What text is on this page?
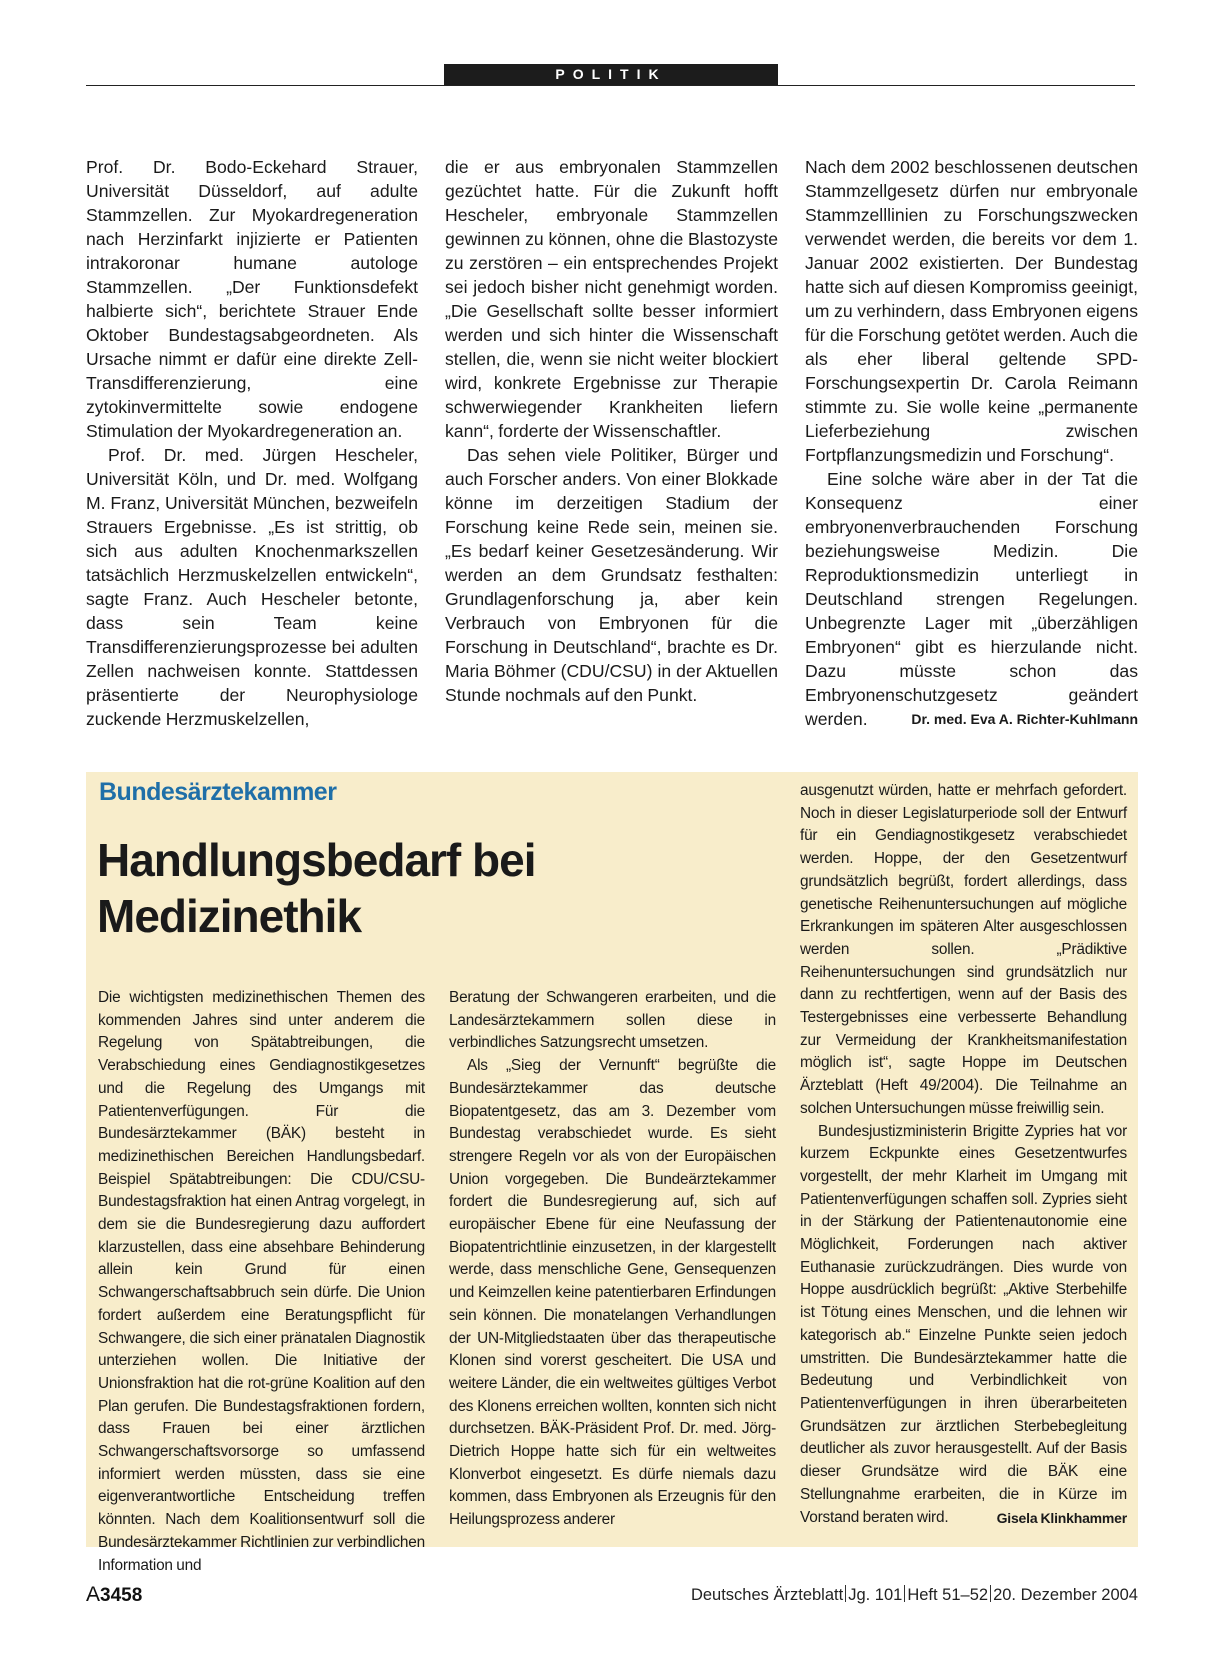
POLITIK

Prof. Dr. Bodo-Eckehard Strauer, Universität Düsseldorf, auf adulte Stammzellen. Zur Myokardregeneration nach Herzinfarkt injizierte er Patienten intrakoronar humane autologe Stammzellen. „Der Funktionsdefekt halbierte sich“, berichtete Strauer Ende Oktober Bundestagsabgeordneten. Als Ursache nimmt er dafür eine direkte Zell-Transdifferenzierung, eine zytokinvermittelte sowie endogene Stimulation der Myokardregeneration an.

Prof. Dr. med. Jürgen Hescheler, Universität Köln, und Dr. med. Wolfgang M. Franz, Universität München, bezweifeln Strauers Ergebnisse. „Es ist strittig, ob sich aus adulten Knochenmarkszellen tatsächlich Herzmuskelzellen entwickeln“, sagte Franz. Auch Hescheler betonte, dass sein Team keine Transdifferenzierungsprozesse bei adulten Zellen nachweisen konnte. Stattdessen präsentierte der Neurophysiologe zuckende Herzmuskelzellen,

die er aus embryonalen Stammzellen gezüchtet hatte. Für die Zukunft hofft Hescheler, embryonale Stammzellen gewinnen zu können, ohne die Blastozyste zu zerstören – ein entsprechendes Projekt sei jedoch bisher nicht genehmigt worden. „Die Gesellschaft sollte besser informiert werden und sich hinter die Wissenschaft stellen, die, wenn sie nicht weiter blockiert wird, konkrete Ergebnisse zur Therapie schwerwiegender Krankheiten liefern kann“, forderte der Wissenschaftler.

Das sehen viele Politiker, Bürger und auch Forscher anders. Von einer Blokkade könne im derzeitigen Stadium der Forschung keine Rede sein, meinen sie. „Es bedarf keiner Gesetzesänderung. Wir werden an dem Grundsatz festhalten: Grundlagenforschung ja, aber kein Verbrauch von Embryonen für die Forschung in Deutschland“, brachte es Dr. Maria Böhmer (CDU/CSU) in der Aktuellen Stunde nochmals auf den Punkt.

Nach dem 2002 beschlossenen deutschen Stammzellgesetz dürfen nur embryonale Stammzelllinien zu Forschungszwecken verwendet werden, die bereits vor dem 1. Januar 2002 existierten. Der Bundestag hatte sich auf diesen Kompromiss geeinigt, um zu verhindern, dass Embryonen eigens für die Forschung getötet werden. Auch die als eher liberal geltende SPD-Forschungsexpertin Dr. Carola Reimann stimmte zu. Sie wolle keine „permanente Lieferbeziehung zwischen Fortpflanzungsmedizin und Forschung“.

Eine solche wäre aber in der Tat die Konsequenz einer embryonenverbrauchenden Forschung beziehungsweise Medizin. Die Reproduktionsmedizin unterliegt in Deutschland strengen Regelungen. Unbegrenzte Lager mit „überzähligen Embryonen“ gibt es hierzulande nicht. Dazu müsste schon das Embryonenschutzgesetz geändert werden.	Dr. med. Eva A. Richter-Kuhlmann

Bundesärztekammer
Handlungsbedarf bei Medizinethik

Die wichtigsten medizinethischen Themen des kommenden Jahres sind unter anderem die Regelung von Spätabtreibungen, die Verabschiedung eines Gendiagnostikgesetzes und die Regelung des Umgangs mit Patientenverfügungen. Für die Bundesärztekammer (BÄK) besteht in medizinethischen Bereichen Handlungsbedarf. Beispiel Spätabtreibungen: Die CDU/CSU-Bundestagsfraktion hat einen Antrag vorgelegt, in dem sie die Bundesregierung dazu auffordert klarzustellen, dass eine absehbare Behinderung allein kein Grund für einen Schwangerschaftsabbruch sein dürfe. Die Union fordert außerdem eine Beratungspflicht für Schwangere, die sich einer pränatalen Diagnostik unterziehen wollen. Die Initiative der Unionsfraktion hat die rot-grüne Koalition auf den Plan gerufen. Die Bundestagsfraktionen fordern, dass Frauen bei einer ärztlichen Schwangerschaftsvorsorge so umfassend informiert werden müssten, dass sie eine eigenverantwortliche Entscheidung treffen könnten. Nach dem Koalitionsentwurf soll die Bundesärztekammer Richtlinien zur verbindlichen Information und

Beratung der Schwangeren erarbeiten, und die Landesärztekammern sollen diese in verbindliches Satzungsrecht umsetzen.

Als „Sieg der Vernunft“ begrüßte die Bundesärztekammer das deutsche Biopatentgesetz, das am 3. Dezember vom Bundestag verabschiedet wurde. Es sieht strengere Regeln vor als von der Europäischen Union vorgegeben. Die Bundeärztekammer fordert die Bundesregierung auf, sich auf europäischer Ebene für eine Neufassung der Biopatentrichtlinie einzusetzen, in der klargestellt werde, dass menschliche Gene, Gensequenzen und Keimzellen keine patentierbaren Erfindungen sein können. Die monatelangen Verhandlungen der UN-Mitgliedstaaten über das therapeutische Klonen sind vorerst gescheitert. Die USA und weitere Länder, die ein weltweites gültiges Verbot des Klonens erreichen wollten, konnten sich nicht durchsetzen. BÄK-Präsident Prof. Dr. med. Jörg-Dietrich Hoppe hatte sich für ein weltweites Klonverbot eingesetzt. Es dürfe niemals dazu kommen, dass Embryonen als Erzeugnis für den Heilungsprozess anderer

ausgenutzt würden, hatte er mehrfach gefordert. Noch in dieser Legislaturperiode soll der Entwurf für ein Gendiagnostikgesetz verabschiedet werden. Hoppe, der den Gesetzentwurf grundsätzlich begrüßt, fordert allerdings, dass genetische Reihenuntersuchungen auf mögliche Erkrankungen im späteren Alter ausgeschlossen werden sollen. „Prädiktive Reihenuntersuchungen sind grundsätzlich nur dann zu rechtfertigen, wenn auf der Basis des Testergebnisses eine verbesserte Behandlung zur Vermeidung der Krankheitsmanifestation möglich ist“, sagte Hoppe im Deutschen Ärzteblatt (Heft 49/2004). Die Teilnahme an solchen Untersuchungen müsse freiwillig sein.

Bundesjustizministerin Brigitte Zypries hat vor kurzem Eckpunkte eines Gesetzentwurfes vorgestellt, der mehr Klarheit im Umgang mit Patientenverfügungen schaffen soll. Zypries sieht in der Stärkung der Patientenautonomie eine Möglichkeit, Forderungen nach aktiver Euthanasie zurückzudrängen. Dies wurde von Hoppe ausdrücklich begrüßt: „Aktive Sterbehilfe ist Tötung eines Menschen, und die lehnen wir kategorisch ab.“ Einzelne Punkte seien jedoch umstritten. Die Bundesärztekammer hatte die Bedeutung und Verbindlichkeit von Patientenverfügungen in ihren überarbeiteten Grundsätzen zur ärztlichen Sterbebegleitung deutlicher als zuvor herausgestellt. Auf der Basis dieser Grundsätze wird die BÄK eine Stellungnahme erarbeiten, die in Kürze im Vorstand beraten wird.	Gisela Klinkhammer

A3458	Deutsches Ärzteblatt Jg. 101 Heft 51–52 20. Dezember 2004
